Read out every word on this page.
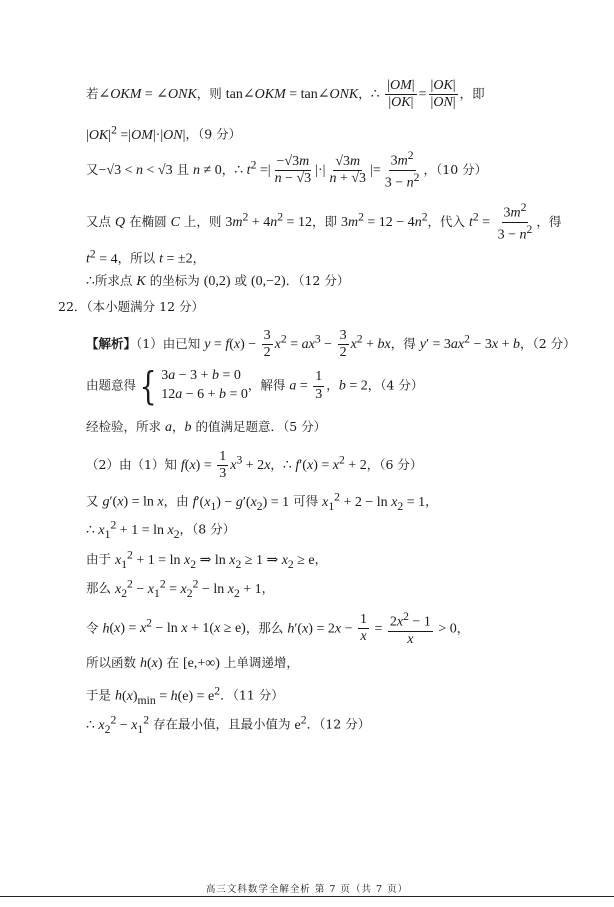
若∠OKM = ∠ONK，则 tan∠OKM = tan∠ONK，∴ $\frac{|OM|}{|OK|} = \frac{|OK|}{|ON|}$ ，即
$|OK|^2 =|OM|\cdot|ON|$，（9 分）
又−√3 < n < √3 且 n ≠ 0，∴ $t^2$ =| $\frac{-√3m}{n - √3}$ |·| $\frac{√3m}{n + √3}$ |= $\frac{3m^2}{3 - n^2}$ ，（10 分）
又点 Q 在椭圆 C 上，则 $3m^2 + 4n^2 = 12$，即 $3m^2 = 12 - 4n^2$，代入 $t^2 = \frac{3m^2}{3 - n^2}$ ，得
$t^2 = 4$，所以 t = ±2，
∴所求点 K 的坐标为 (0,2) 或 (0,−2)．（12 分）
22．（本小题满分 12 分）
【解析】（1）由已知 $y = f(x) - \frac{3}{2} x^2 = ax^3 - \frac{3}{2} x^2$ + bx，得 $y' = 3ax^2 - 3x + b$，（2 分）
由题意得 { 3a − 3 + b = 0
12a − 6 + b = 0
，解得 $a = \frac{1}{3}$ ，b = 2，（4 分）
经检验，所求 a，b 的值满足题意．（5 分）
（2）由（1）知 $f(x) = \frac{1}{3} x^3 + 2x$，∴ $f'(x) = x^2 + 2$，（6 分）
又 g′(x) = ln x，由 $f'(x_1) - g'(x_2) = 1$ 可得 $x_1^2 + 2 - \ln x_2 = 1$，
∴ $x_1^2 + 1 = \ln x_2$，（8 分）
由于 $x_1^2 + 1 = \ln x_2$ ⇒ $\ln x_2 \ge 1$ ⇒ $x_2 \ge e$，
那么 $x_2^2 - x_1^2 = x_2^2 - \ln x_2 + 1$，
令 $h(x) = x^2 - \ln x + 1(x \ge e)$，那么 $h'(x) = 2x - \frac{1}{x} = \frac{2x^2 - 1}{x} > 0$，
所以函数 h(x) 在 [e,+∞) 上单调递增，
于是 $h(x)_{min} = h(e) = e^2$．（11 分）
∴ $x_2^2 - x_1^2$ 存在最小值，且最小值为 $e^2$．（12 分）
高三文科数学全解全析 第 7 页（共 7 页）
